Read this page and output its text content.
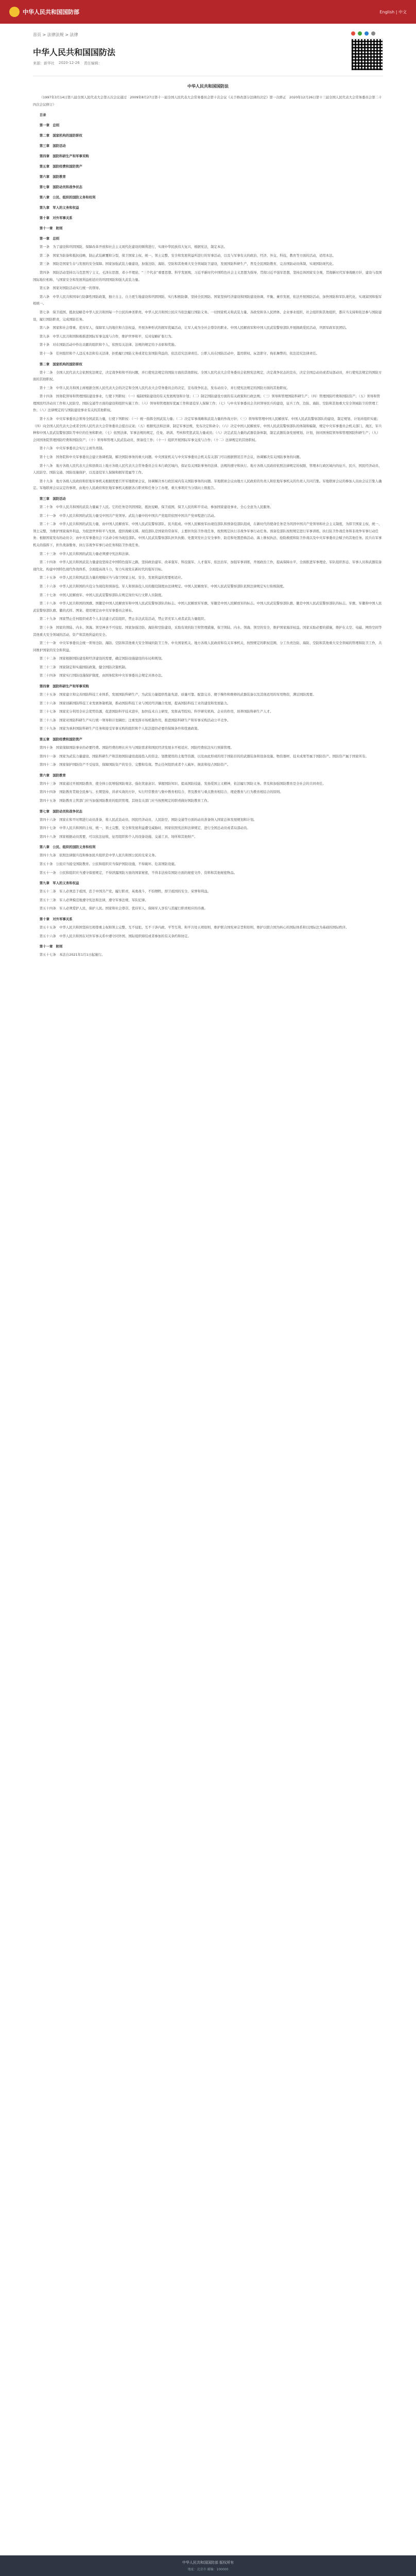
中华人民共和国国防部	English | 中文
首页 > 法律法规 > 法律
中华人民共和国国防法
来源：新华社 2020-12-26 责任编辑：
中华人民共和国国防法

（1997年3月14日第八届全国人民代表大会第五次会议通过　2009年8月27日第十一届全国人民代表大会常务委员会第十次会议《关于修改部分法律的决定》第一次修正　2020年12月26日第十三届全国人民代表大会常务委员会第二十四次会议修订）

目录

第一章　总则

第二章　国家机构的国防职权

第三章　国防活动

第四章　国防科研生产和军事采购

第五章　国防经费和国防资产

第六章　国防教育

第七章　国防动员和战争状态

第八章　公民、组织的国防义务和权利

第九章　军人的义务和权益

第十章　对外军事关系

第十一章　附则

第一章　总则

第一条　为了建设和巩固国防，保障改革开放和社会主义现代化建设的顺利进行，实现中华民族伟大复兴，根据宪法，制定本法。

第二条　国家为防备和抵抗侵略，制止武装颠覆和分裂，保卫国家主权、统一、领土完整、安全和发展利益所进行的军事活动，以及与军事有关的政治、经济、外交、科技、教育等方面的活动，适用本法。

第三条　国防是国家生存与发展的安全保障。国家加强武装力量建设，加强边防、海防、空防和其他重大安全领域防卫建设，发展国防科研生产，普及全民国防教育，完善国防动员体制，实现国防现代化。

第四条　国防活动坚持以马克思列宁主义、毛泽东思想、邓小平理论、“三个代表”重要思想、科学发展观、习近平新时代中国特色社会主义思想为指导，贯彻习近平强军思想，坚持总体国家安全观，贯彻新时代军事战略方针，建设与我国国际地位相称、与国家安全和发展利益相适应的巩固国防和强大武装力量。

第五条　国家对国防活动实行统一的领导。

第六条　中华人民共和国奉行防御性国防政策，独立自主、自力更生地建设和巩固国防，实行积极防御，坚持全民国防。国家坚持经济建设和国防建设协调、平衡、兼容发展，依法开展国防活动，加快国防和军队现代化，实现富国和强军相统一。

第七条　保卫祖国、抵抗侵略是中华人民共和国每一个公民的神圣职责。中华人民共和国公民应当依法履行国防义务。一切国家机关和武装力量、各政党和各人民团体、企业事业组织、社会组织和其他组织，都应当支持和依法参与国防建设，履行国防职责，完成国防任务。

第八条　国家和社会尊重、优待军人，保障军人的地位和合法权益，开展各种形式的拥军优属活动，让军人成为全社会尊崇的职业。中国人民解放军和中国人民武装警察部队开展拥政爱民活动，巩固军政军民团结。

第九条　中华人民共和国积极推进国际军事交流与合作，维护世界和平，反对侵略扩张行为。

第十条　对在国防活动中作出贡献的组织和个人，依照有关法律、法规的规定给予表彰和奖励。

第十一条　任何组织和个人违反本法和有关法律，拒绝履行国防义务或者危害国防利益的，依法追究法律责任。公职人员在国防活动中，滥用职权、玩忽职守、徇私舞弊的，依法追究法律责任。

第二章　国家机构的国防职权

第十二条　全国人民代表大会依照宪法规定，决定战争和和平的问题，并行使宪法规定的国防方面的其他职权。全国人民代表大会常务委员会依照宪法规定，决定战争状态的宣布，决定全国总动员或者局部动员，并行使宪法规定的国防方面的其他职权。

第十三条　中华人民共和国主席根据全国人民代表大会的决定和全国人民代表大会常务委员会的决定，宣布战争状态，发布动员令，并行使宪法规定的国防方面的其他职权。

第十四条　国务院领导和管理国防建设事业，行使下列职权：（一）编制国防建设的有关发展规划和计划；（二）制定国防建设方面的有关政策和行政法规；（三）领导和管理国防科研生产；（四）管理国防经费和国防资产；（五）领导和管理国民经济动员工作和人民防空、国防交通等方面的建设和组织实施工作；（六）领导和管理拥军优属工作和退役军人保障工作；（七）与中央军事委员会共同领导民兵的建设，征兵工作，边防、海防、空防和其他重大安全领域防卫的管理工作；（八）法律规定的与国防建设事业有关的其他职权。

第十五条　中央军事委员会领导全国武装力量，行使下列职权：（一）统一指挥全国武装力量；（二）决定军事战略和武装力量的作战方针；（三）领导和管理中国人民解放军、中国人民武装警察部队的建设，制定规划、计划并组织实施；（四）向全国人民代表大会或者全国人民代表大会常务委员会提出议案；（五）根据宪法和法律，制定军事法规，发布决定和命令；（六）决定中国人民解放军、中国人民武装警察部队的体制和编制，规定中央军事委员会机关部门、战区、军兵种和中国人民武装警察部队等单位的任务和职责；（七）依照法律、军事法规的规定，任免、培训、考核和奖惩武装力量成员；（八）决定武装力量的武器装备体制，制定武器装备发展规划、计划，协同国务院领导和管理国防科研生产；（九）会同国务院管理国防经费和国防资产；（十）领导和管理人民武装动员、预备役工作；（十一）组织开展国际军事交流与合作；（十二）法律规定的其他职权。

第十六条　中央军事委员会实行主席负责制。

第十七条　国务院和中央军事委员会建立协调机制，解决国防事务的重大问题。中央国家机关与中央军事委员会机关有关部门可以根据情况召开会议，协调解决有关国防事务的问题。

第十八条　地方各级人民代表大会和县级以上地方各级人民代表大会常务委员会在本行政区域内，保证有关国防事务的法律、法规的遵守和执行。地方各级人民政府依照法律规定的权限，管理本行政区域内的征兵、民兵、国民经济动员、人民防空、国防交通、国防设施保护，以及退役军人保障和拥军优属等工作。

第十九条　地方各级人民政府和驻地军事机关根据需要召开军地联席会议，协调解决本行政区域内有关国防事务的问题。军地联席会议由地方人民政府的负责人和驻地军事机关的负责人共同召集。军地联席会议的参加人员由会议召集人确定。军地联席会议议定的事项，由地方人民政府和驻地军事机关根据各自职责和任务分工办理，重大事项应当分别向上级报告。

第三章　国防活动

第二十条　中华人民共和国的武装力量属于人民。它的任务是巩固国防，抵抗侵略，保卫祖国，保卫人民的和平劳动，参加国家建设事业，全心全意为人民服务。

第二十一条　中华人民共和国的武装力量受中国共产党领导。武装力量中的中国共产党组织依照中国共产党章程进行活动。

第二十二条　中华人民共和国的武装力量，由中国人民解放军、中国人民武装警察部队、民兵组成。中国人民解放军由现役部队和预备役部队组成，在新时代的使命任务是为巩固中国共产党领导和社会主义制度，为捍卫国家主权、统一、领土完整，为维护国家海外利益，为促进世界和平与发展，提供战略支撑。现役部队是国家的常备军，主要担负防卫作战任务，按照规定执行非战争军事行动任务。预备役部队按照规定进行军事训练、执行防卫作战任务和非战争军事行动任务；根据国家发布的动员令，由中央军事委员会下达命令转为现役部队。中国人民武装警察部队担负执勤、处置突发社会安全事件、防范和处置恐怖活动、海上维权执法、抢险救援和防卫作战以及中央军事委员会赋予的其他任务。民兵在军事机关的指挥下，担负战备勤务、执行非战争军事行动任务和防卫作战任务。

第二十三条　中华人民共和国的武装力量必须遵守宪法和法律。

第二十四条　中华人民共和国武装力量建设坚持走中国特色强军之路，坚持政治建军、改革强军、科技强军、人才强军、依法治军，加强军事训练，开展政治工作，提高保障水平，全面推进军事理论、军队组织形态、军事人员和武器装备现代化，构建中国特色现代作战体系，全面提高战斗力，努力实现党在新时代的强军目标。

第二十五条　中华人民共和国武装力量的规模应当与保卫国家主权、安全、发展利益的需要相适应。

第二十六条　中华人民共和国的兵役分为现役和预备役。军人和预备役人员的服役制度由法律规定。中国人民解放军、中国人民武装警察部队依照法律规定实行衔级制度。

第二十七条　中国人民解放军、中国人民武装警察部队在规定岗位实行文职人员制度。

第二十八条　中华人民共和国的国旗、国徽是中国人民解放军和中国人民武装警察部队的标志。中国人民解放军军旗、军徽是中国人民解放军的标志。中国人民武装警察部队旗、徽是中国人民武装警察部队的标志。军旗、军徽和中国人民武装警察部队旗、徽的式样、图案、使用规定由中央军事委员会颁布。

第二十九条　国家禁止任何组织或者个人非法建立武装组织，禁止非法武装活动，禁止冒充军人或者武装力量组织。

第三十条　国家的领陆、内水、领海、领空神圣不可侵犯。国家加强边防、海防和空防建设，采取有效的防卫和管理措施，保卫领陆、内水、领海、领空的安全，维护国家海洋权益。国家采取必要的措施，维护在太空、电磁、网络空间等其他重大安全领域的活动、资产和其他利益的安全。

第三十一条　中央军事委员会统一领导边防、海防、空防和其他重大安全领域的防卫工作。中央国家机关、地方各级人民政府和有关军事机关，按照规定的职权范围，分工负责边防、海防、空防和其他重大安全领域的管理和防卫工作，共同维护国家的安全和利益。

第三十二条　国家根据国防建设和经济建设的需要，确定国防设施建设的布局和规划。

第三十三条　国家制定和实施国防政策，健全国防决策机制。

第三十四条　国家实行国防设施保护制度，由国务院和中央军事委员会规定具体办法。

第四章　国防科研生产和军事采购

第三十五条　国家建立和完善国防科技工业体系，发展国防科研生产，为武装力量提供性能先进、质量可靠、配套完善、便于操作和维修的武器装备以及其他适用的军用物资，满足国防需要。

第三十六条　国家创新国防科技工业发展体制机制，推动国防科技工业与国民经济融合发展，提高国防科技工业的建设和发展能力。

第三十七条　国家充分利用全社会优势资源，促进国防科学技术进步，加快技术自主研发，发挥高等院校、科学研究机构、企业的作用，培养国防科研生产人才。

第三十八条　国家对国防科研生产实行统一领导和计划调控；注重发挥市场机制作用，推进国防科研生产和军事采购活动公平竞争。

第三十九条　国家为承担国防科研生产任务和接受军事采购的组织和个人依法提供必要的保障条件和优惠政策。

第五章　国防经费和国防资产

第四十条　国家保障国防事业的必要经费。国防经费的增长应当与国防需求和国民经济发展水平相适应。国防经费依法实行预算管理。

第四十一条　国家为武装力量建设、国防科研生产和其他国防建设直接投入的资金、划拨使用的土地等资源，以及由此形成的用于国防目的的武器装备和设备设施、物资器材、技术成果等属于国防资产。国防资产属于国家所有。

第四十二条　国家保护国防资产不受侵害，保障国防资产的安全、完整和有效。禁止任何组织或者个人破坏、损害和侵占国防资产。

第六章　国防教育

第四十三条　国家通过开展国防教育，使全体公民增强国防观念、强化忧患意识、掌握国防知识、提高国防技能、发扬爱国主义精神，依法履行国防义务。普及和加强国防教育是全社会的共同责任。

第四十四条　国防教育贯彻全民参与、长期坚持、讲求实效的方针，实行经常教育与集中教育相结合、普及教育与重点教育相结合、理论教育与行为教育相结合的原则。

第四十五条　国防教育主管部门应当加强国防教育的组织管理，其他有关部门应当按照规定的职责做好国防教育工作。

第七章　国防动员和战争状态

第四十六条　国家在和平时期进行动员准备，将人民武装动员、国民经济动员、人民防空、国防交通等方面的动员准备纳入国家总体发展规划和计划。

第四十七条　中华人民共和国的主权、统一、领土完整、安全和发展利益遭受威胁时，国家依照宪法和法律规定，进行全国总动员或者局部动员。

第四十八条　国家根据动员需要，可以依法征收、征用组织和个人的设备设施、交通工具、场所和其他财产。

第八章　公民、组织的国防义务和权利

第四十九条　依照法律服兵役和参加民兵组织是中华人民共和国公民的光荣义务。

第五十条　公民应当接受国防教育。公民和组织应当保护国防设施，不得破坏、危害国防设施。

第五十一条　公民和组织应当遵守保密规定，不得泄露国防方面的国家秘密，不得非法持有国防方面的秘密文件、资料和其他秘密物品。

第九章　军人的义务和权益

第五十二条　军人必须忠于祖国，忠于中国共产党，履行职责，英勇战斗，不怕牺牲，捍卫祖国的安全、荣誉和利益。

第五十三条　军人必须模范地遵守宪法和法律，遵守军事法规、军队纪律。

第五十四条　军人必须爱护人民，保护人民。国家和社会尊崇、优待军人，保障军人享有与其履行职责相应的待遇。

第十章　对外军事关系

第五十五条　中华人民共和国坚持互相尊重主权和领土完整、互不侵犯、互不干涉内政、平等互利、和平共处五项原则，维护联合国宪章宗旨和原则，维护以联合国为核心的国际体系和以国际法为基础的国际秩序。

第五十六条　中华人民共和国在对外军事关系中遵守同外国、国际组织缔结或者参加的有关条约和协定。

第十一章　附则

第五十七条　本法自2021年1月1日起施行。

中华人民共和国国防部 版权所有
地址：北京市 邮编：100000
